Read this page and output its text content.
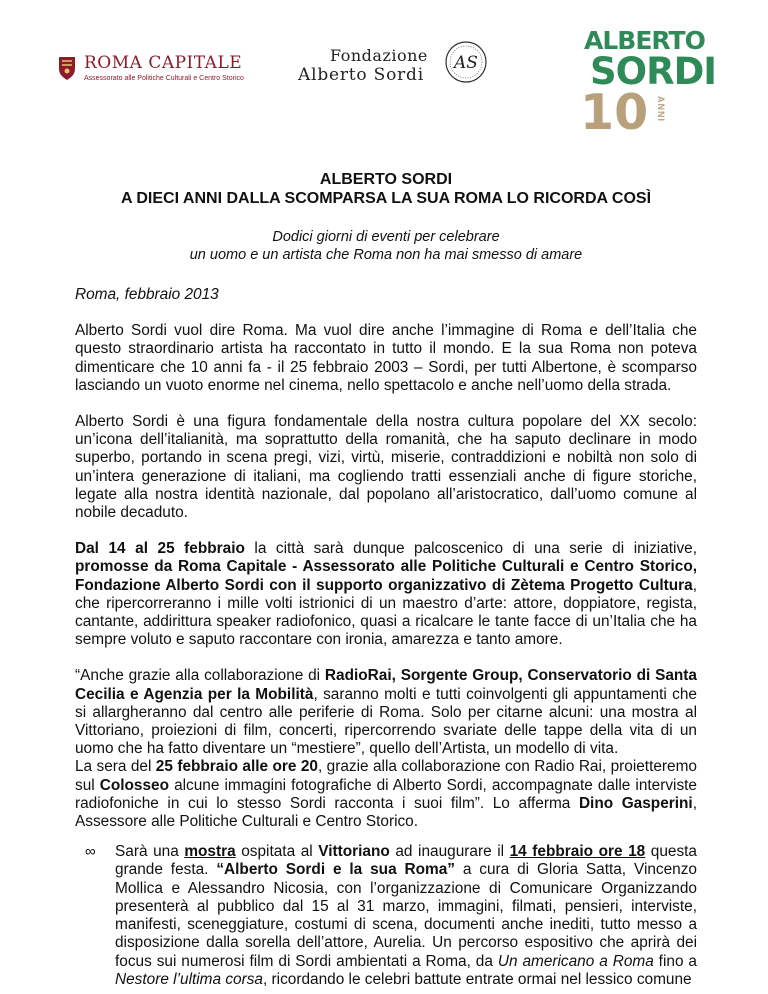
ROMA CAPITALE
Assessorato alle Politiche Culturali e Centro Storico
Fondazione
Alberto Sordi
AS
ALBERTO
SORDI
10 ANNI

ALBERTO SORDI
A DIECI ANNI DALLA SCOMPARSA LA SUA ROMA LO RICORDA COSÌ

Dodici giorni di eventi per celebrare
un uomo e un artista che Roma non ha mai smesso di amare

Roma, febbraio 2013

Alberto Sordi vuol dire Roma. Ma vuol dire anche l’immagine di Roma e dell’Italia che questo straordinario artista ha raccontato in tutto il mondo. E la sua Roma non poteva dimenticare che 10 anni fa - il 25 febbraio 2003 – Sordi, per tutti Albertone, è scomparso lasciando un vuoto enorme nel cinema, nello spettacolo e anche nell’uomo della strada.

Alberto Sordi è una figura fondamentale della nostra cultura popolare del XX secolo: un’icona dell’italianità, ma soprattutto della romanità, che ha saputo declinare in modo superbo, portando in scena pregi, vizi, virtù, miserie, contraddizioni e nobiltà non solo di un’intera generazione di italiani, ma cogliendo tratti essenziali anche di figure storiche, legate alla nostra identità nazionale, dal popolano all’aristocratico, dall’uomo comune al nobile decaduto.

Dal 14 al 25 febbraio la città sarà dunque palcoscenico di una serie di iniziative, promosse da Roma Capitale - Assessorato alle Politiche Culturali e Centro Storico, Fondazione Alberto Sordi con il supporto organizzativo di Zètema Progetto Cultura, che ripercorreranno i mille volti istrionici di un maestro d’arte: attore, doppiatore, regista, cantante, addirittura speaker radiofonico, quasi a ricalcare le tante facce di un’Italia che ha sempre voluto e saputo raccontare con ironia, amarezza e tanto amore.

“Anche grazie alla collaborazione di RadioRai, Sorgente Group, Conservatorio di Santa Cecilia e Agenzia per la Mobilità, saranno molti e tutti coinvolgenti gli appuntamenti che si allargheranno dal centro alle periferie di Roma. Solo per citarne alcuni: una mostra al Vittoriano, proiezioni di film, concerti, ripercorrendo svariate delle tappe della vita di un uomo che ha fatto diventare un “mestiere”, quello dell’Artista, un modello di vita.

La sera del 25 febbraio alle ore 20, grazie alla collaborazione con Radio Rai, proietteremo sul Colosseo alcune immagini fotografiche di Alberto Sordi, accompagnate dalle interviste radiofoniche in cui lo stesso Sordi racconta i suoi film”. Lo afferma Dino Gasperini, Assessore alle Politiche Culturali e Centro Storico.

∞ Sarà una mostra ospitata al Vittoriano ad inaugurare il 14 febbraio ore 18 questa grande festa. “Alberto Sordi e la sua Roma” a cura di Gloria Satta, Vincenzo Mollica e Alessandro Nicosia, con l’organizzazione di Comunicare Organizzando presenterà al pubblico dal 15 al 31 marzo, immagini, filmati, pensieri, interviste, manifesti, sceneggiature, costumi di scena, documenti anche inediti, tutto messo a disposizione dalla sorella dell’attore, Aurelia. Un percorso espositivo che aprirà dei focus sui numerosi film di Sordi ambientati a Roma, da Un americano a Roma fino a Nestore l’ultima corsa, ricordando le celebri battute entrate ormai nel lessico comune
